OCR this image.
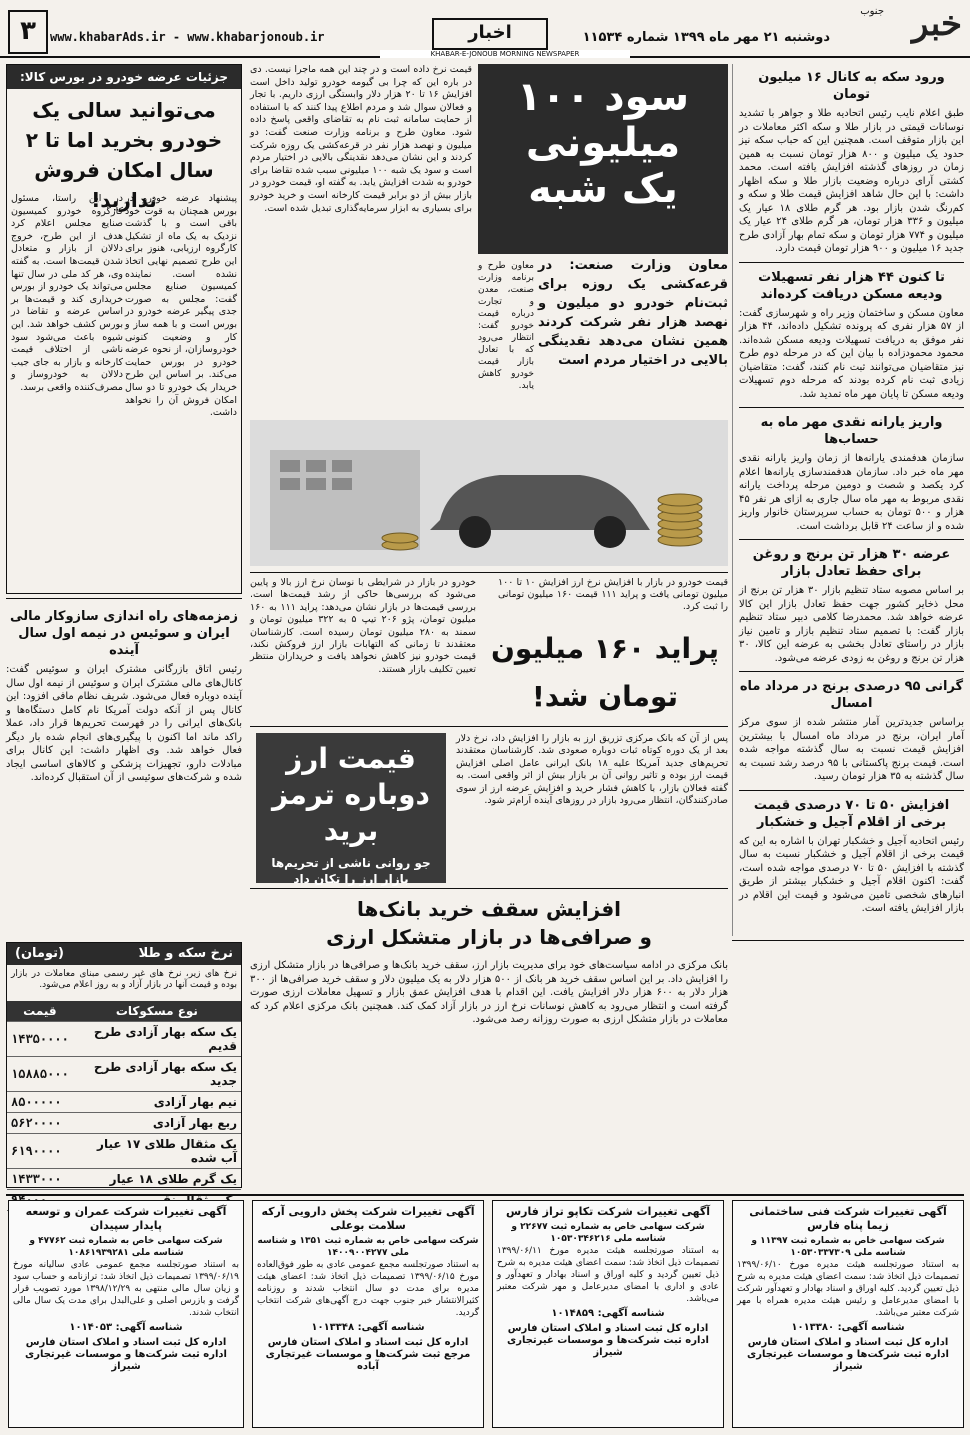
خبر
جنوب
دوشنبه ۲۱ مهر ماه ۱۳۹۹ شماره ۱۱۵۳۴
اخبار
KHABAR-E-JONOUB MORNING NEWSPAPER
www.khabarAds.ir - www.khabarjonoub.ir
۳
ورود سکه به کانال ۱۶ میلیون تومان

طبق اعلام نایب رئیس اتحادیه طلا و جواهر با تشدید نوسانات قیمتی در بازار طلا و سکه اکثر معاملات در این بازار متوقف است. همچنین این که حباب سکه نیز حدود یک میلیون و ۸۰۰ هزار تومان نسبت به همین زمان در روزهای گذشته افزایش یافته است. محمد کشتی آرای درباره وضعیت بازار طلا و سکه اظهار داشت: با این حال شاهد افزایش قیمت طلا و سکه و کم‌رنگ شدن بازار بود. هر گرم طلای ۱۸ عیار یک میلیون و ۳۳۶ هزار تومان، هر گرم طلای ۲۴ عیار یک میلیون و ۷۷۴ هزار تومان و سکه تمام بهار آزادی طرح جدید ۱۶ میلیون و ۹۰۰ هزار تومان قیمت دارد.

تا کنون ۴۴ هزار نفر تسهیلات ودیعه مسکن دریافت کرده‌اند

معاون مسکن و ساختمان وزیر راه و شهرسازی گفت: از ۵۷ هزار نفری که پرونده تشکیل داده‌اند، ۴۴ هزار نفر موفق به دریافت تسهیلات ودیعه مسکن شده‌اند. محمود محمودزاده با بیان این که در مرحله دوم طرح نیز متقاضیان می‌توانند ثبت نام کنند، گفت: متقاضیان زیادی ثبت نام کرده بودند که مرحله دوم تسهیلات ودیعه مسکن تا پایان مهر ماه تمدید شد.

واریز یارانه نقدی مهر ماه به حساب‌ها

سازمان هدفمندی یارانه‌ها از زمان واریز یارانه نقدی مهر ماه خبر داد. سازمان هدفمندسازی یارانه‌ها اعلام کرد یکصد و شصت و دومین مرحله پرداخت یارانه نقدی مربوط به مهر ماه سال جاری به ازای هر نفر ۴۵ هزار و ۵۰۰ تومان به حساب سرپرستان خانوار واریز شده و از ساعت ۲۴ قابل برداشت است.

عرضه ۳۰ هزار تن برنج و روغن برای حفظ تعادل بازار

بر اساس مصوبه ستاد تنظیم بازار ۳۰ هزار تن برنج از محل ذخایر کشور جهت حفظ تعادل بازار این کالا عرضه خواهد شد. محمدرضا کلامی دبیر ستاد تنظیم بازار گفت: با تصمیم ستاد تنظیم بازار و تامین نیاز بازار در راستای تعادل بخشی به عرضه این کالا، ۳۰ هزار تن برنج و روغن به زودی عرضه می‌شود.

گرانی ۹۵ درصدی برنج در مرداد ماه امسال

براساس جدیدترین آمار منتشر شده از سوی مرکز آمار ایران، برنج در مرداد ماه امسال با بیشترین افزایش قیمت نسبت به سال گذشته مواجه شده است. قیمت برنج پاکستانی با ۹۵ درصد رشد نسبت به سال گذشته به ۳۵ هزار تومان رسید.

افزایش ۵۰ تا ۷۰ درصدی قیمت برخی از اقلام آجیل و خشکبار

رئیس اتحادیه آجیل و خشکبار تهران با اشاره به این که قیمت برخی از اقلام آجیل و خشکبار نسبت به سال گذشته با افزایش ۵۰ تا ۷۰ درصدی مواجه شده است، گفت: اکنون اقلام آجیل و خشکبار بیشتر از طریق انبارهای شخصی تامین می‌شود و قیمت این اقلام در بازار افزایش یافته است.

سود ۱۰۰ میلیونی
یک شبه
معاون وزارت صنعت: در قرعه‌کشی یک روزه برای ثبت‌نام خودرو دو میلیون و نهصد هزار نفر شرکت کردند همین نشان می‌دهد نقدینگی بالایی در اختیار مردم است
معاون طرح و برنامه وزارت صنعت، معدن و تجارت درباره قیمت خودرو گفت: انتظار می‌رود که با تعادل بازار قیمت خودرو کاهش یابد.
قیمت نرخ داده است و در چند این همه ماجرا نیست. دی در باره این که چرا بی گیومه خودرو تولید داخل است افزایش ۱۶ تا ۲۰ هزار دلار وابستگی ارزی داریم. با تجار و فعالان سوال شد و مردم اطلاع پیدا کنند که با استفاده از حمایت سامانه ثبت نام به تقاضای واقعی پاسخ داده شود. معاون طرح و برنامه وزارت صنعت گفت: دو میلیون و نهصد هزار نفر در قرعه‌کشی یک روزه شرکت کردند و این نشان می‌دهد نقدینگی بالایی در اختیار مردم است و سود یک شبه ۱۰۰ میلیونی سبب شده تقاضا برای خودرو به شدت افزایش یابد. به گفته او، قیمت خودرو در بازار بیش از دو برابر قیمت کارخانه است و خرید خودرو برای بسیاری به ابزار سرمایه‌گذاری تبدیل شده است.
جزئیات عرضه خودرو در بورس کالا:
می‌توانید سالی یک خودرو بخرید اما تا ۲ سال امکان فروش ندارید!
پیشنهاد عرضه خودرو در بورس همچنان به قوت خود باقی است و با گذشت نزدیک به یک ماه از تشکیل کارگروه ارزیابی، هنوز برای این طرح تصمیم نهایی اتخاذ نشده است. نماینده کمیسیون صنایع مجلس گفت: مجلس به صورت جدی پیگیر عرضه خودرو در بورس است و با همه ساز و کار و وضعیت کنونی خودروسازان، از نحوه عرضه خودرو در بورس حمایت می‌کند. بر اساس این طرح خریدار یک خودرو تا دو سال امکان فروش آن را نخواهد داشت.
در این راستا، مسئول کارگروه خودرو کمیسیون صنایع مجلس اعلام کرد هدف از این طرح، خروج دلالان از بازار و متعادل شدن قیمت‌ها است. به گفته وی، هر کد ملی در سال تنها می‌تواند یک خودرو از بورس خریداری کند و قیمت‌ها بر اساس عرضه و تقاضا در بورس کشف خواهد شد. این شیوه باعث می‌شود سود ناشی از اختلاف قیمت کارخانه و بازار به جای جیب دلالان به خودروساز و مصرف‌کننده واقعی برسد.
زمزمه‌های راه اندازی سازوکار مالی ایران و سوئیس در نیمه اول سال آینده

رئیس اتاق بازرگانی مشترک ایران و سوئیس گفت: کانال‌های مالی مشترک ایران و سوئیس از نیمه اول سال آینده دوباره فعال می‌شود. شریف نظام مافی افزود: این کانال پس از آنکه دولت آمریکا نام کامل دستگاه‌ها و بانک‌های ایرانی را در فهرست تحریم‌ها قرار داد، عملا راکد ماند اما اکنون با پیگیری‌های انجام شده بار دیگر فعال خواهد شد. وی اظهار داشت: این کانال برای مبادلات دارو، تجهیزات پزشکی و کالاهای اساسی ایجاد شده و شرکت‌های سوئیسی از آن استقبال کرده‌اند.

نرخ سکه و طلا
(تومان)
نرخ های زیر، نرخ های غیر رسمی مبنای معاملات در بازار بوده و قیمت آنها در بازار آزاد و به روز اعلام می‌شود.
نوع مسکوکات	قیمت
یک سکه بهار آزادی طرح قدیم	۱۴۳۵۰۰۰۰
یک سکه بهار آزادی طرح جدید	۱۵۸۸۵۰۰۰
نیم بهار آزادی	۸۵۰۰۰۰۰
ربع بهار آزادی	۵۶۲۰۰۰۰
یک مثقال طلای ۱۷ عیار آب شده	۶۱۹۰۰۰۰
یک گرم طلای ۱۸ عیار	۱۴۳۳۰۰۰

قیمت خودرو در بازار با افزایش نرخ ارز افزایش ۱۰ تا ۱۰۰ میلیون تومانی یافت و پراید ۱۱۱ قیمت ۱۶۰ میلیون تومانی را ثبت کرد.
پراید ۱۶۰ میلیون تومان شد!
خودرو در بازار در شرایطی با نوسان نرخ ارز بالا و پایین می‌شود که بررسی‌ها حاکی از رشد قیمت‌ها است. بررسی قیمت‌ها در بازار نشان می‌دهد: پراید ۱۱۱ به ۱۶۰ میلیون تومان، پژو ۲۰۶ تیپ ۵ به ۳۲۲ میلیون تومان و سمند به ۲۸۰ میلیون تومان رسیده است. کارشناسان معتقدند تا زمانی که التهابات بازار ارز فروکش نکند، قیمت خودرو نیز کاهش نخواهد یافت و خریداران منتظر تعیین تکلیف بازار هستند.
قیمت ارز دوباره ترمز برید
جو روانی ناشی از تحریم‌ها بازار ارز را تکان داد
پس از آن که بانک مرکزی تزریق ارز به بازار را افزایش داد، نرخ دلار بعد از یک دوره کوتاه ثبات دوباره صعودی شد. کارشناسان معتقدند تحریم‌های جدید آمریکا علیه ۱۸ بانک ایرانی عامل اصلی افزایش قیمت ارز بوده و تاثیر روانی آن بر بازار بیش از اثر واقعی است. به گفته فعالان بازار، با کاهش فشار خرید و افزایش عرضه ارز از سوی صادرکنندگان، انتظار می‌رود بازار در روزهای آینده آرام‌تر شود.
افزایش سقف خرید بانک‌ها
و صرافی‌ها در بازار متشکل ارزی
بانک مرکزی در ادامه سیاست‌های خود برای مدیریت بازار ارز، سقف خرید بانک‌ها و صرافی‌ها در بازار متشکل ارزی را افزایش داد. بر این اساس سقف خرید هر بانک از ۵۰۰ هزار دلار به یک میلیون دلار و سقف خرید صرافی‌ها از ۳۰۰ هزار دلار به ۶۰۰ هزار دلار افزایش یافت. این اقدام با هدف افزایش عمق بازار و تسهیل معاملات ارزی صورت گرفته است و انتظار می‌رود به کاهش نوسانات نرخ ارز در بازار آزاد کمک کند. همچنین بانک مرکزی اعلام کرد که معاملات در بازار متشکل ارزی به صورت روزانه رصد می‌شود.
آگهی تغییرات شرکت فنی ساختمانی زیما پناه فارس
شرکت سهامی خاص به شماره ثبت ۱۱۳۹۷ و شناسه ملی ۱۰۵۳۰۳۳۷۳۰۹
به استناد صورتجلسه هیئت مدیره مورخ ۱۳۹۹/۰۶/۱۰ تصمیمات ذیل اتخاذ شد: سمت اعضای هیئت مدیره به شرح ذیل تعیین گردید. کلیه اوراق و اسناد بهادار و تعهدآور شرکت با امضای مدیرعامل و رئیس هیئت مدیره همراه با مهر شرکت معتبر می‌باشد.
شناسه آگهی: ۱۰۱۳۳۸۰
اداره کل ثبت اسناد و املاک استان فارس اداره ثبت شرکت‌ها و موسسات غیرتجاری شیراز
آگهی تغییرات شرکت تکاپو تراز فارس
شرکت سهامی خاص به شماره ثبت ۲۲۶۷۷ و شناسه ملی ۱۰۵۳۰۳۴۶۲۱۶
به استناد صورتجلسه هیئت مدیره مورخ ۱۳۹۹/۰۶/۱۱ تصمیمات ذیل اتخاذ شد: سمت اعضای هیئت مدیره به شرح ذیل تعیین گردید و کلیه اوراق و اسناد بهادار و تعهدآور و عادی و اداری با امضای مدیرعامل و مهر شرکت معتبر می‌باشد.
شناسه آگهی: ۱۰۱۴۸۵۹
اداره کل ثبت اسناد و املاک استان فارس اداره ثبت شرکت‌ها و موسسات غیرتجاری شیراز
آگهی تغییرات شرکت پخش دارویی آرکه سلامت بوعلی
شرکت سهامی خاص به شماره ثبت ۱۳۵۱ و شناسه ملی ۱۴۰۰۹۰۰۴۲۷۷
به استناد صورتجلسه مجمع عمومی عادی به طور فوق‌العاده مورخ ۱۳۹۹/۰۶/۱۵ تصمیمات ذیل اتخاذ شد: اعضای هیئت مدیره برای مدت دو سال انتخاب شدند و روزنامه کثیرالانتشار خبر جنوب جهت درج آگهی‌های شرکت انتخاب گردید.
شناسه آگهی: ۱۰۱۳۳۴۸
اداره کل ثبت اسناد و املاک استان فارس مرجع ثبت شرکت‌ها و موسسات غیرتجاری آباده
آگهی تغییرات شرکت عمران و توسعه پایدار سپیدان
شرکت سهامی خاص به شماره ثبت ۴۷۷۶۲ و شناسه ملی ۱۰۸۶۱۹۳۹۲۸۱
به استناد صورتجلسه مجمع عمومی عادی سالیانه مورخ ۱۳۹۹/۰۶/۱۹ تصمیمات ذیل اتخاذ شد: ترازنامه و حساب سود و زیان سال مالی منتهی به ۱۳۹۸/۱۲/۲۹ مورد تصویب قرار گرفت و بازرس اصلی و علی‌البدل برای مدت یک سال مالی انتخاب شدند.
شناسه آگهی: ۱۰۱۴۰۵۳
اداره کل ثبت اسناد و املاک استان فارس اداره ثبت شرکت‌ها و موسسات غیرتجاری شیراز
